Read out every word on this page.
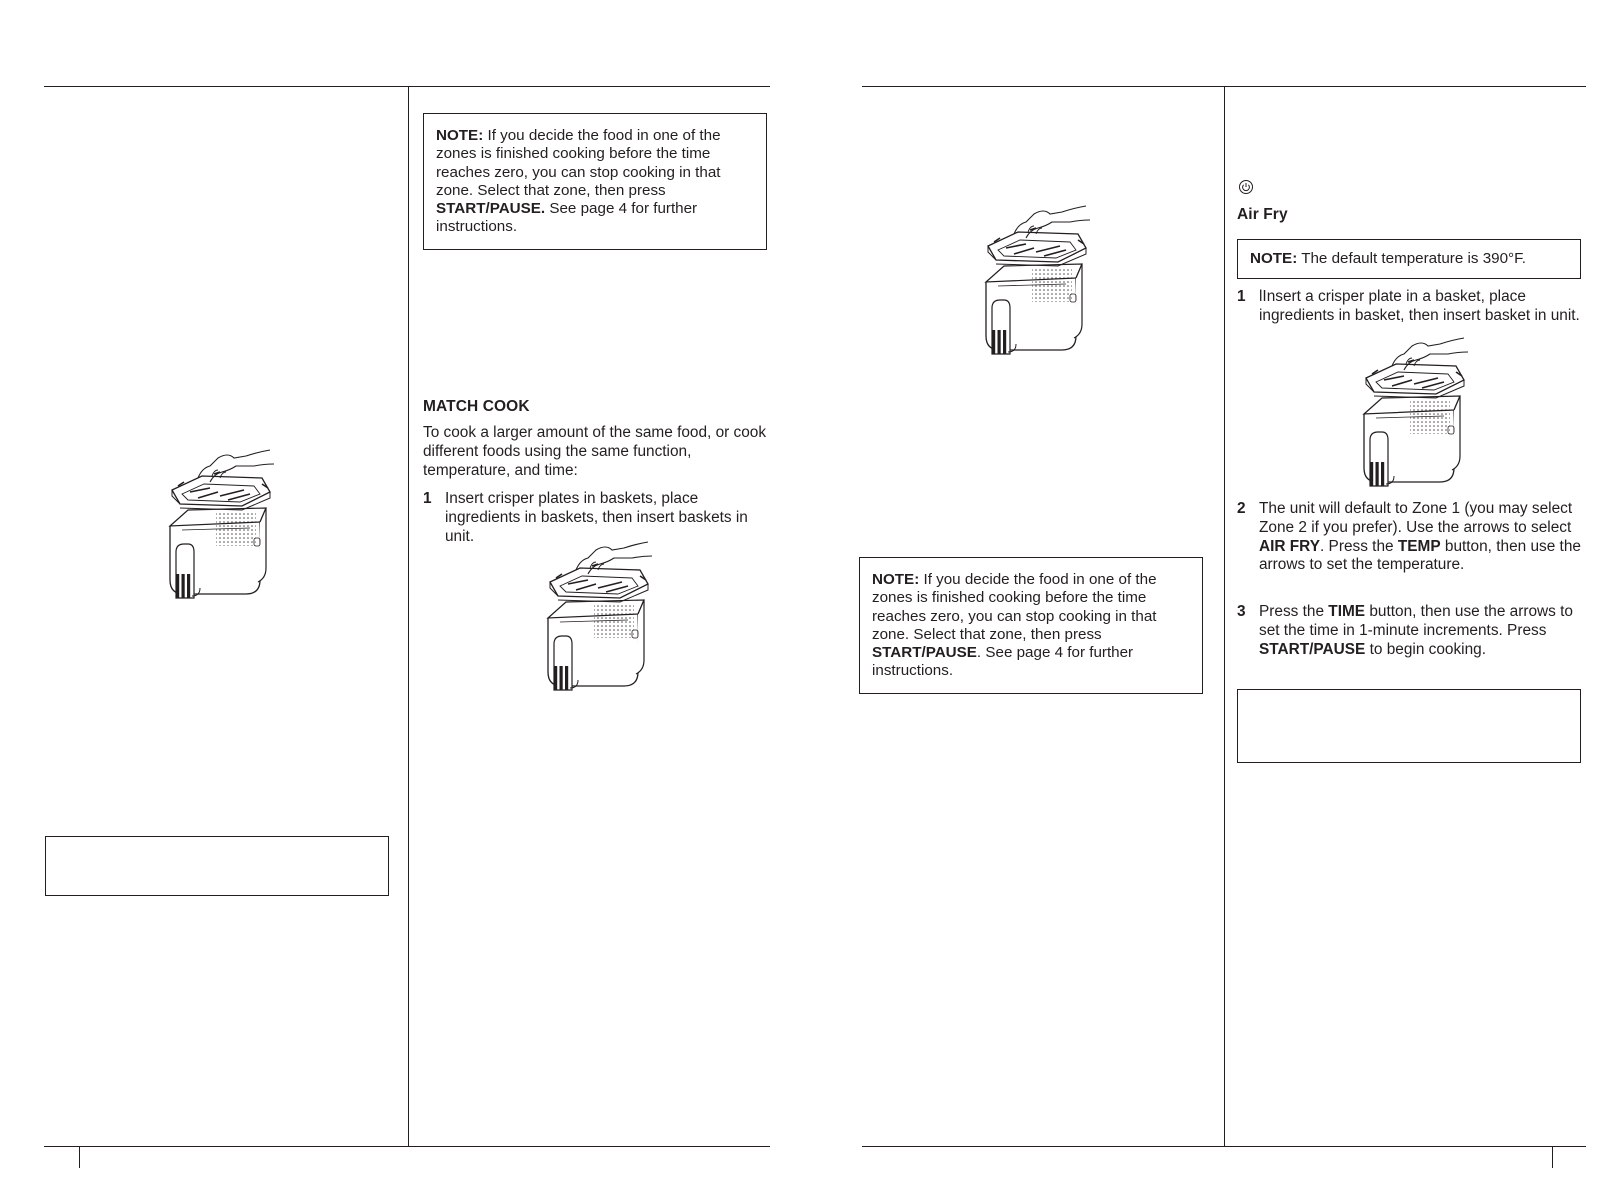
NOTE: If you decide the food in one of the zones is finished cooking before the time reaches zero, you can stop cooking in that zone. Select that zone, then press START/PAUSE. See page 4 for further instructions.
MATCH COOK
To cook a larger amount of the same food, or cook different foods using the same function, temperature, and time:
1 Insert crisper plates in baskets, place ingredients in baskets, then insert baskets in unit.
NOTE: If you decide the food in one of the zones is finished cooking before the time reaches zero, you can stop cooking in that zone. Select that zone, then press START/PAUSE. See page 4 for further instructions.
Air Fry
NOTE: The default temperature is 390°F.
1 lInsert a crisper plate in a basket, place ingredients in basket, then insert basket in unit.
2 The unit will default to Zone 1 (you may select Zone 2 if you prefer). Use the arrows to select AIR FRY. Press the TEMP button, then use the arrows to set the temperature.
3 Press the TIME button, then use the arrows to set the time in 1-minute increments. Press START/PAUSE to begin cooking.
